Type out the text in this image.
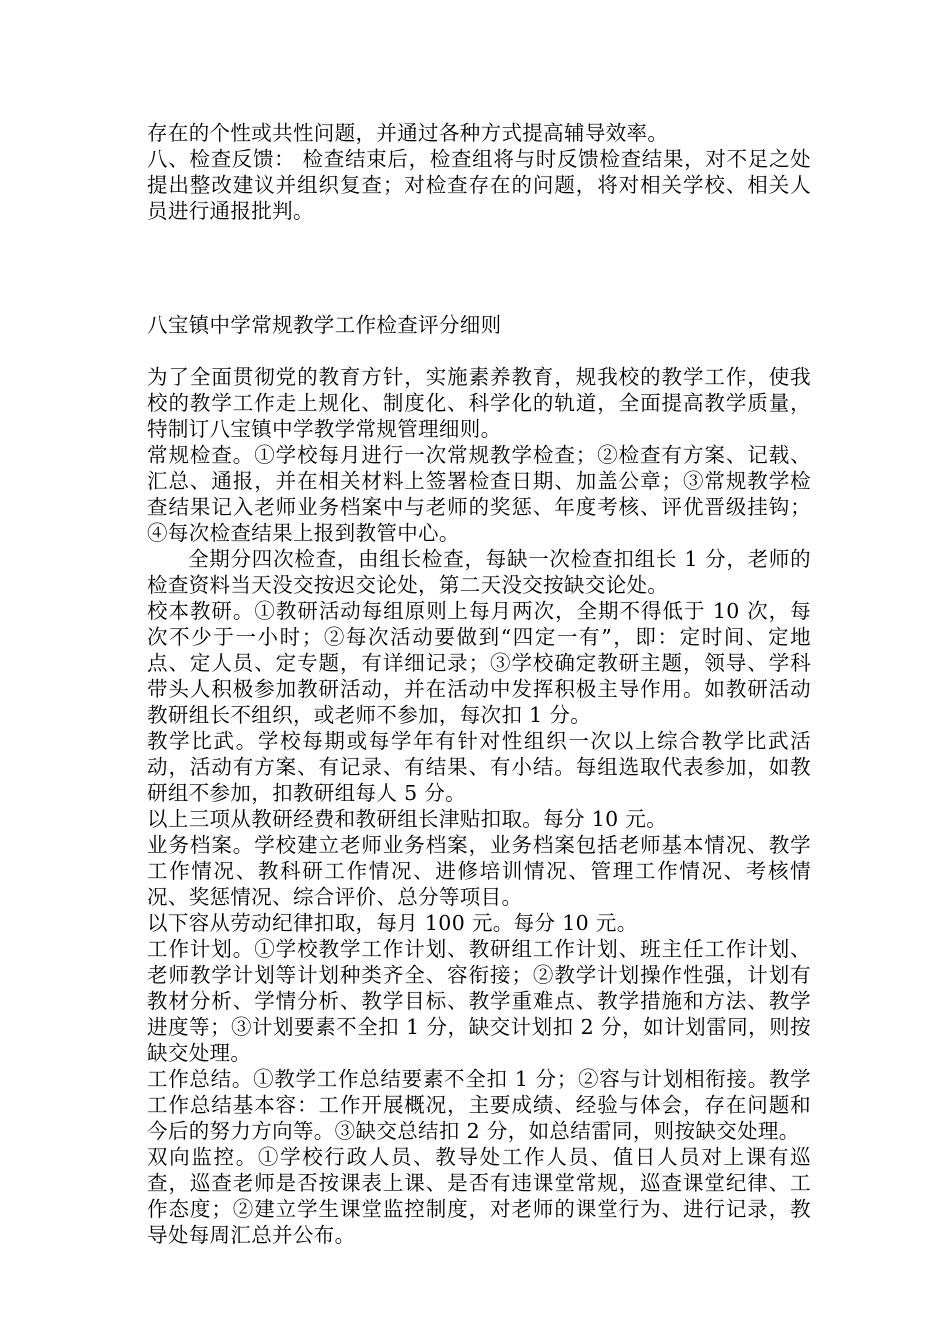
存在的个性或共性问题，并通过各种方式提高辅导效率。

八、检查反馈： 检查结束后，检查组将与时反馈检查结果，对不足之处提出整改建议并组织复查；对检查存在的问题，将对相关学校、相关人员进行通报批判。

八宝镇中学常规教学工作检查评分细则

为了全面贯彻党的教育方针，实施素养教育，规我校的教学工作，使我校的教学工作走上规化、制度化、科学化的轨道，全面提高教学质量，特制订八宝镇中学教学常规管理细则。

常规检查。①学校每月进行一次常规教学检查；②检查有方案、记载、汇总、通报，并在相关材料上签署检查日期、加盖公章；③常规教学检查结果记入老师业务档案中与老师的奖惩、年度考核、评优晋级挂钩；④每次检查结果上报到教管中心。

全期分四次检查，由组长检查，每缺一次检查扣组长 1 分，老师的检查资料当天没交按迟交论处，第二天没交按缺交论处。

校本教研。①教研活动每组原则上每月两次，全期不得低于 10 次，每次不少于一小时；②每次活动要做到“四定一有”，即：定时间、定地点、定人员、定专题，有详细记录；③学校确定教研主题，领导、学科带头人积极参加教研活动，并在活动中发挥积极主导作用。如教研活动教研组长不组织，或老师不参加，每次扣 1 分。

教学比武。学校每期或每学年有针对性组织一次以上综合教学比武活动，活动有方案、有记录、有结果、有小结。每组选取代表参加，如教研组不参加，扣教研组每人 5 分。

以上三项从教研经费和教研组长津贴扣取。每分 10 元。

业务档案。学校建立老师业务档案，业务档案包括老师基本情况、教学工作情况、教科研工作情况、进修培训情况、管理工作情况、考核情况、奖惩情况、综合评价、总分等项目。

以下容从劳动纪律扣取，每月 100 元。每分 10 元。

工作计划。①学校教学工作计划、教研组工作计划、班主任工作计划、老师教学计划等计划种类齐全、容衔接；②教学计划操作性强，计划有教材分析、学情分析、教学目标、教学重难点、教学措施和方法、教学进度等；③计划要素不全扣 1 分，缺交计划扣 2 分，如计划雷同，则按缺交处理。

工作总结。①教学工作总结要素不全扣 1 分；②容与计划相衔接。教学工作总结基本容：工作开展概况，主要成绩、经验与体会，存在问题和今后的努力方向等。③缺交总结扣 2 分，如总结雷同，则按缺交处理。

双向监控。①学校行政人员、教导处工作人员、值日人员对上课有巡查，巡查老师是否按课表上课、是否有违课堂常规，巡查课堂纪律、工作态度；②建立学生课堂监控制度，对老师的课堂行为、进行记录，教导处每周汇总并公布。
